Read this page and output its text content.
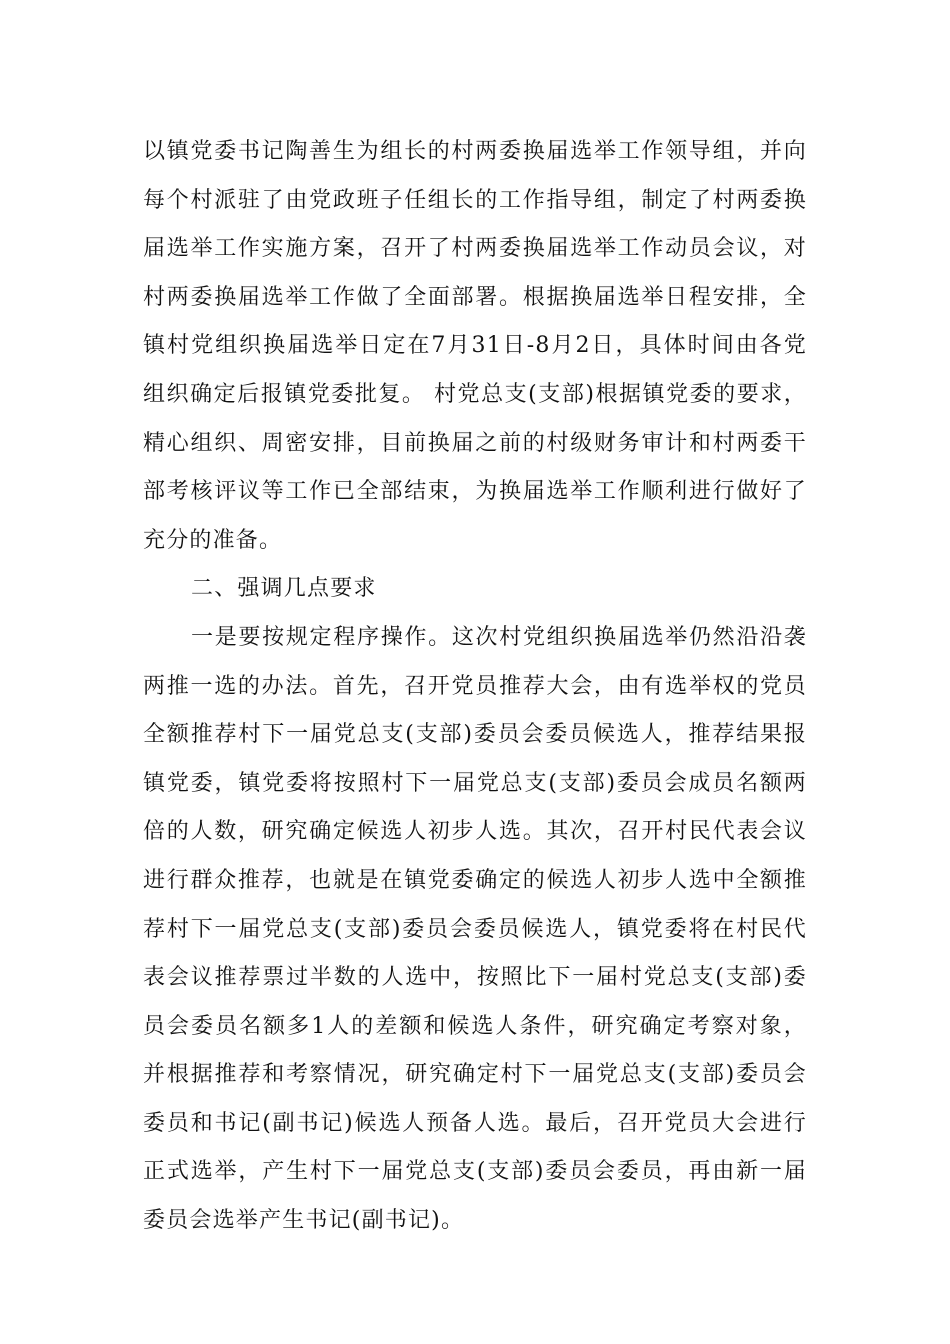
以镇党委书记陶善生为组长的村两委换届选举工作领导组，并向每个村派驻了由党政班子任组长的工作指导组，制定了村两委换届选举工作实施方案，召开了村两委换届选举工作动员会议，对村两委换届选举工作做了全面部署。根据换届选举日程安排，全镇村党组织换届选举日定在7月31日-8月2日，具体时间由各党组织确定后报镇党委批复。 村党总支(支部)根据镇党委的要求，精心组织、周密安排，目前换届之前的村级财务审计和村两委干部考核评议等工作已全部结束，为换届选举工作顺利进行做好了充分的准备。

二、强调几点要求

一是要按规定程序操作。这次村党组织换届选举仍然沿沿袭两推一选的办法。首先，召开党员推荐大会，由有选举权的党员全额推荐村下一届党总支(支部)委员会委员候选人，推荐结果报镇党委，镇党委将按照村下一届党总支(支部)委员会成员名额两倍的人数，研究确定候选人初步人选。其次，召开村民代表会议进行群众推荐，也就是在镇党委确定的候选人初步人选中全额推荐村下一届党总支(支部)委员会委员候选人，镇党委将在村民代表会议推荐票过半数的人选中，按照比下一届村党总支(支部)委员会委员名额多1人的差额和候选人条件，研究确定考察对象，并根据推荐和考察情况，研究确定村下一届党总支(支部)委员会委员和书记(副书记)候选人预备人选。最后，召开党员大会进行正式选举，产生村下一届党总支(支部)委员会委员，再由新一届委员会选举产生书记(副书记)。
